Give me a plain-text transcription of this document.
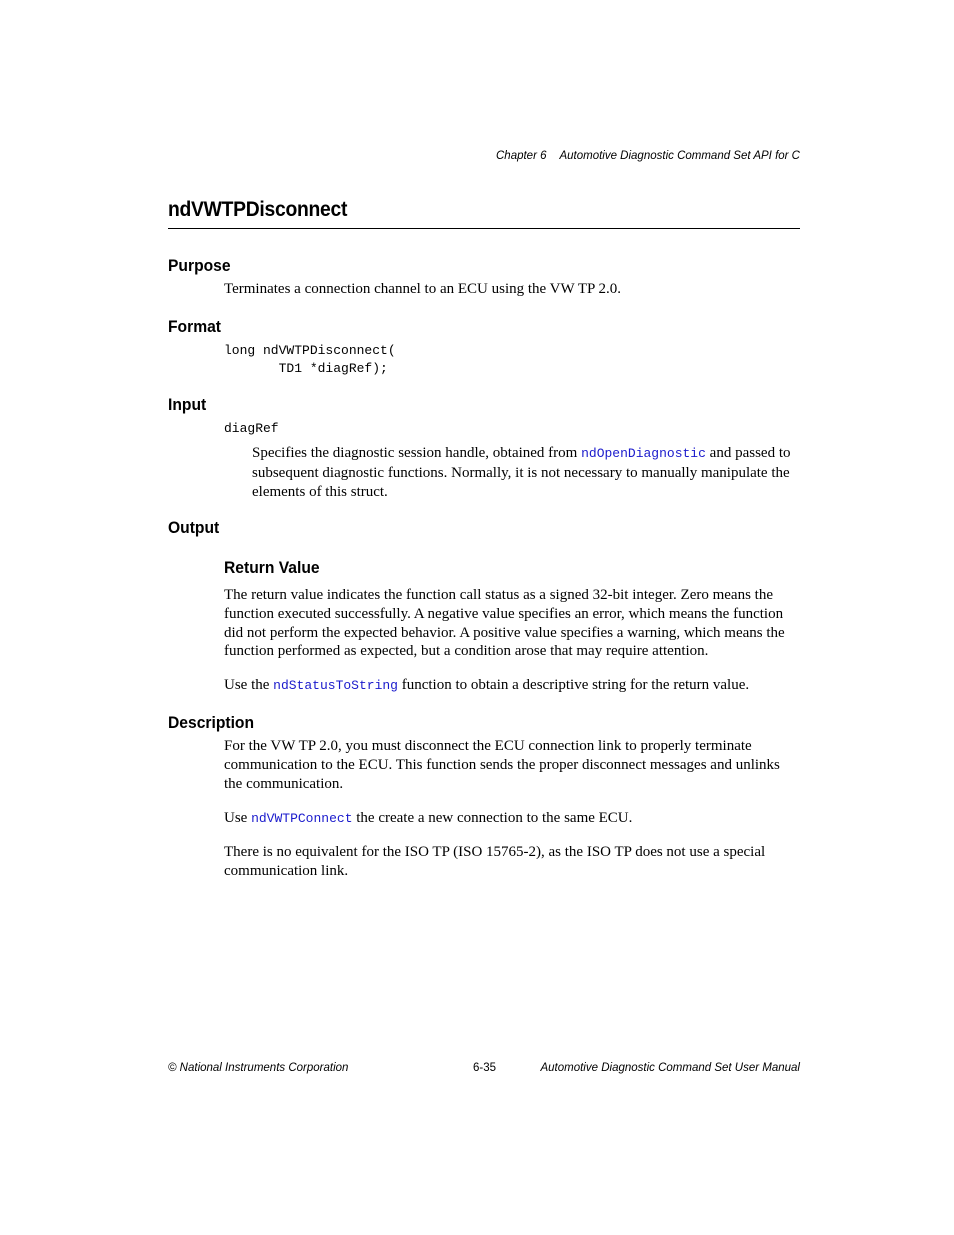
Chapter 6 Automotive Diagnostic Command Set API for C
ndVWTPDisconnect
Purpose
Terminates a connection channel to an ECU using the VW TP 2.0.
Format
long ndVWTPDisconnect(
TD1 *diagRef);
Input
diagRef
Specifies the diagnostic session handle, obtained from ndOpenDiagnostic and passed to subsequent diagnostic functions. Normally, it is not necessary to manually manipulate the elements of this struct.
Output
Return Value
The return value indicates the function call status as a signed 32-bit integer. Zero means the function executed successfully. A negative value specifies an error, which means the function did not perform the expected behavior. A positive value specifies a warning, which means the function performed as expected, but a condition arose that may require attention.
Use the ndStatusToString function to obtain a descriptive string for the return value.
Description
For the VW TP 2.0, you must disconnect the ECU connection link to properly terminate communication to the ECU. This function sends the proper disconnect messages and unlinks the communication.
Use ndVWTPConnect the create a new connection to the same ECU.
There is no equivalent for the ISO TP (ISO 15765-2), as the ISO TP does not use a special communication link.
© National Instruments Corporation	6-35	Automotive Diagnostic Command Set User Manual
